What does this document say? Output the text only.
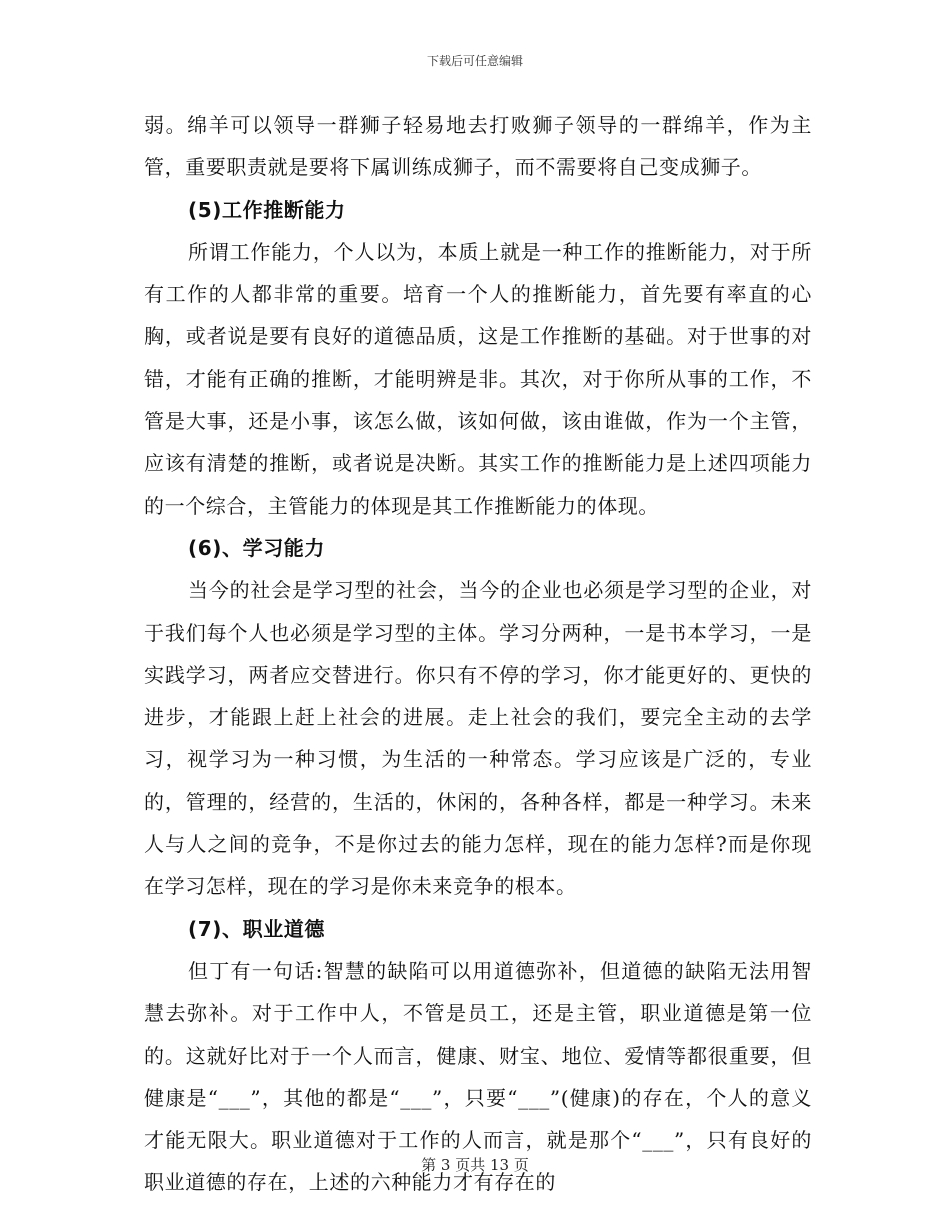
下载后可任意编辑

弱。绵羊可以领导一群狮子轻易地去打败狮子领导的一群绵羊，作为主管，重要职责就是要将下属训练成狮子，而不需要将自己变成狮子。

(5)工作推断能力

所谓工作能力，个人以为，本质上就是一种工作的推断能力，对于所有工作的人都非常的重要。培育一个人的推断能力，首先要有率直的心胸，或者说是要有良好的道德品质，这是工作推断的基础。对于世事的对错，才能有正确的推断，才能明辨是非。其次，对于你所从事的工作，不管是大事，还是小事，该怎么做，该如何做，该由谁做，作为一个主管，应该有清楚的推断，或者说是决断。其实工作的推断能力是上述四项能力的一个综合，主管能力的体现是其工作推断能力的体现。

(6)、学习能力

当今的社会是学习型的社会，当今的企业也必须是学习型的企业，对于我们每个人也必须是学习型的主体。学习分两种，一是书本学习，一是实践学习，两者应交替进行。你只有不停的学习，你才能更好的、更快的进步，才能跟上赶上社会的进展。走上社会的我们，要完全主动的去学习，视学习为一种习惯，为生活的一种常态。学习应该是广泛的，专业的，管理的，经营的，生活的，休闲的，各种各样，都是一种学习。未来人与人之间的竞争，不是你过去的能力怎样，现在的能力怎样?而是你现在学习怎样，现在的学习是你未来竞争的根本。

(7)、职业道德

但丁有一句话:智慧的缺陷可以用道德弥补，但道德的缺陷无法用智慧去弥补。对于工作中人，不管是员工，还是主管，职业道德是第一位的。这就好比对于一个人而言，健康、财宝、地位、爱情等都很重要，但健康是“___”，其他的都是“___”，只要“___”(健康)的存在，个人的意义才能无限大。职业道德对于工作的人而言，就是那个“___”，只有良好的职业道德的存在，上述的六种能力才有存在的

第 3 页共 13 页
